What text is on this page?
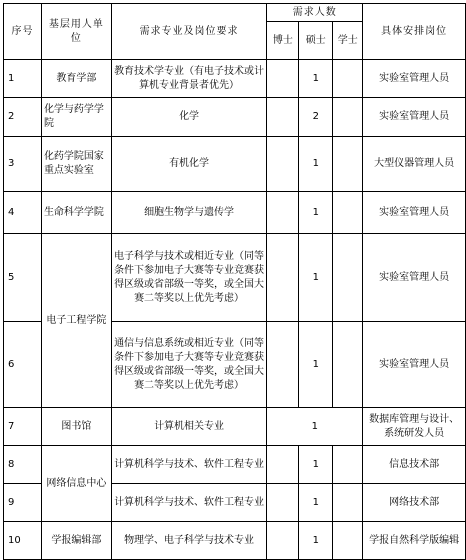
序号	基层用人单位	需求专业及岗位要求	需求人数			具体安排岗位
			博士	硕士	学士	
1	教育学部	教育技术学专业（有电子技术或计算机专业背景者优先）		1		实验室管理人员
2	化学与药学学院	化学		2		实验室管理人员
3	化药学院国家重点实验室	有机化学		1		大型仪器管理人员
4	生命科学学院	细胞生物学与遗传学		1		实验室管理人员
5	电子工程学院	电子科学与技术或相近专业（同等条件下参加电子大赛等专业竞赛获得区级或省部级一等奖，或全国大赛二等奖以上优先考虑）		1		实验室管理人员
6		通信与信息系统或相近专业（同等条件下参加电子大赛等专业竞赛获得区级或省部级一等奖，或全国大赛二等奖以上优先考虑）		1		实验室管理人员
7	图书馆	计算机相关专业	1			数据库管理与设计、系统研发人员
8	网络信息中心	计算机科学与技术、软件工程专业		1		信息技术部
9		计算机科学与技术、软件工程专业		1		网络技术部
10	学报编辑部	物理学、电子科学与技术专业		1		学报自然科学版编辑
